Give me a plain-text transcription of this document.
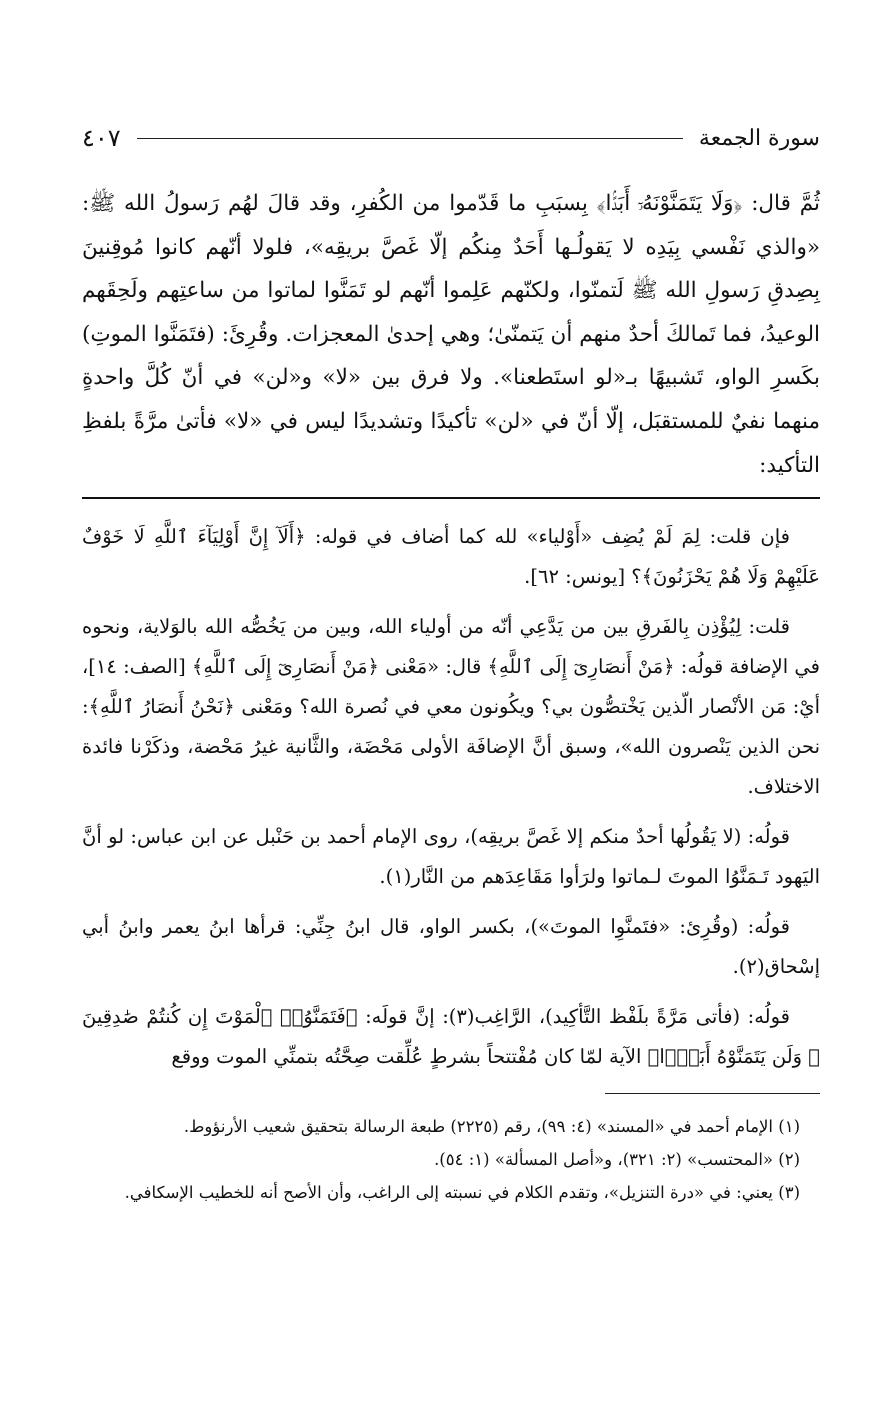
سورة الجمعة
٤٠٧

ثُمَّ قال: ﴿وَلَا يَتَمَنَّوْنَهُۥٓ أَبَدًۢا﴾ بِسبَبِ ما قَدّموا من الكُفرِ، وقد قالَ لهُم رَسولُ الله ﷺ: «والذي نَفْسي بِيَدِه لا يَقولُـها أَحَدٌ مِنكُم إلّا غَصَّ بريقِه»، فلولا أنّهم كانوا مُوقِنينَ بِصِدقِ رَسولِ الله ﷺ لَتمنّوا، ولكنّهم عَلِموا أنّهم لو تَمَنَّوا لماتوا من ساعتِهم ولَحِقَهم الوعيدُ، فما تَمالكَ أحدٌ منهم أن يَتمنّىٰ؛ وهي إحدىٰ المعجزات. وقُرِئَ: (فتَمَنَّوا الموتِ) بكَسرِ الواو، تَشبيهًا بـ«لو استَطعنا». ولا فرق بين «لا» و«لن» في أنّ كُلَّ واحدةٍ منهما نفيٌ للمستقبَل، إلّا أنّ في «لن» تأكيدًا وتشديدًا ليس في «لا» فأتىٰ مرَّةً بلفظِ التأكيد:

فإن قلت: لِمَ لَمْ يُضِف «أَوْلياء» لله كما أضاف في قوله: ﴿أَلَآ إِنَّ أَوْلِيَآءَ ٱللَّهِ لَا خَوْفٌ عَلَيْهِمْ وَلَا هُمْ يَحْزَنُونَ﴾؟ [يونس: ٦٢].

قلت: لِيُؤْذِن بِالفَرقِ بين من يَدَّعِي أنّه من أولياء الله، وبين من يَخُصُّه الله بالوَلاية، ونحوه في الإضافة قولُه: ﴿مَنْ أَنصَارِىٓ إِلَى ٱللَّهِ﴾ قال: «مَعْنى ﴿مَنْ أَنصَارِىٓ إِلَى ٱللَّهِ﴾ [الصف: ١٤]، أيْ: مَن الأنْصار الّذين يَخْتصُّون بي؟ ويكُونون معي في نُصرة الله؟ ومَعْنى ﴿نَحْنُ أَنصَارُ ٱللَّهِ﴾: نحن الذين يَنْصرون الله»، وسبق أنَّ الإضافَة الأولى مَحْضَة، والثَّانية غيرُ مَحْضة، وذكَرْنا فائدة الاختلاف.

قولُه: (لا يَقُولُها أحدٌ منكم إلا غَصَّ بريقِه)، روى الإمام أحمد بن حَنْبل عن ابن عباس: لو أنَّ اليَهود تَـمَنَّوُا الموتَ لـماتوا ولرَأوا مَقَاعِدَهم من النَّار(١).

قولُه: (وقُرِئ: «فتَمنَّوِا الموتَ»)، بكسر الواو، قال ابنُ جِنِّي: قرأها ابنُ يعمر وابنُ أبي إسْحاق(٢).

قولُه: (فأتى مَرَّةً بلَفْظ التَّأكِيد)، الرَّاغِب(٣): إنَّ قولَه: ﴿فَتَمَنَّوُا۟ ٱلْمَوْتَ إِن كُنتُمْ صَٰدِقِينَ ۞ وَلَن يَتَمَنَّوْهُ أَبَدًۢا﴾ الآية لمّا كان مُفْتتحاً بشرطٍ عُلِّقت صِحَّتُه بتمنِّي الموت ووقع

(١) الإمام أحمد في «المسند» (٤: ٩٩)، رقم (٢٢٢٥) طبعة الرسالة بتحقيق شعيب الأرنؤوط.

(٢) «المحتسب» (٢: ٣٢١)، و«أصل المسألة» (١: ٥٤).

(٣) يعني: في «درة التنزيل»، وتقدم الكلام في نسبته إلى الراغب، وأن الأصح أنه للخطيب الإسكافي.
